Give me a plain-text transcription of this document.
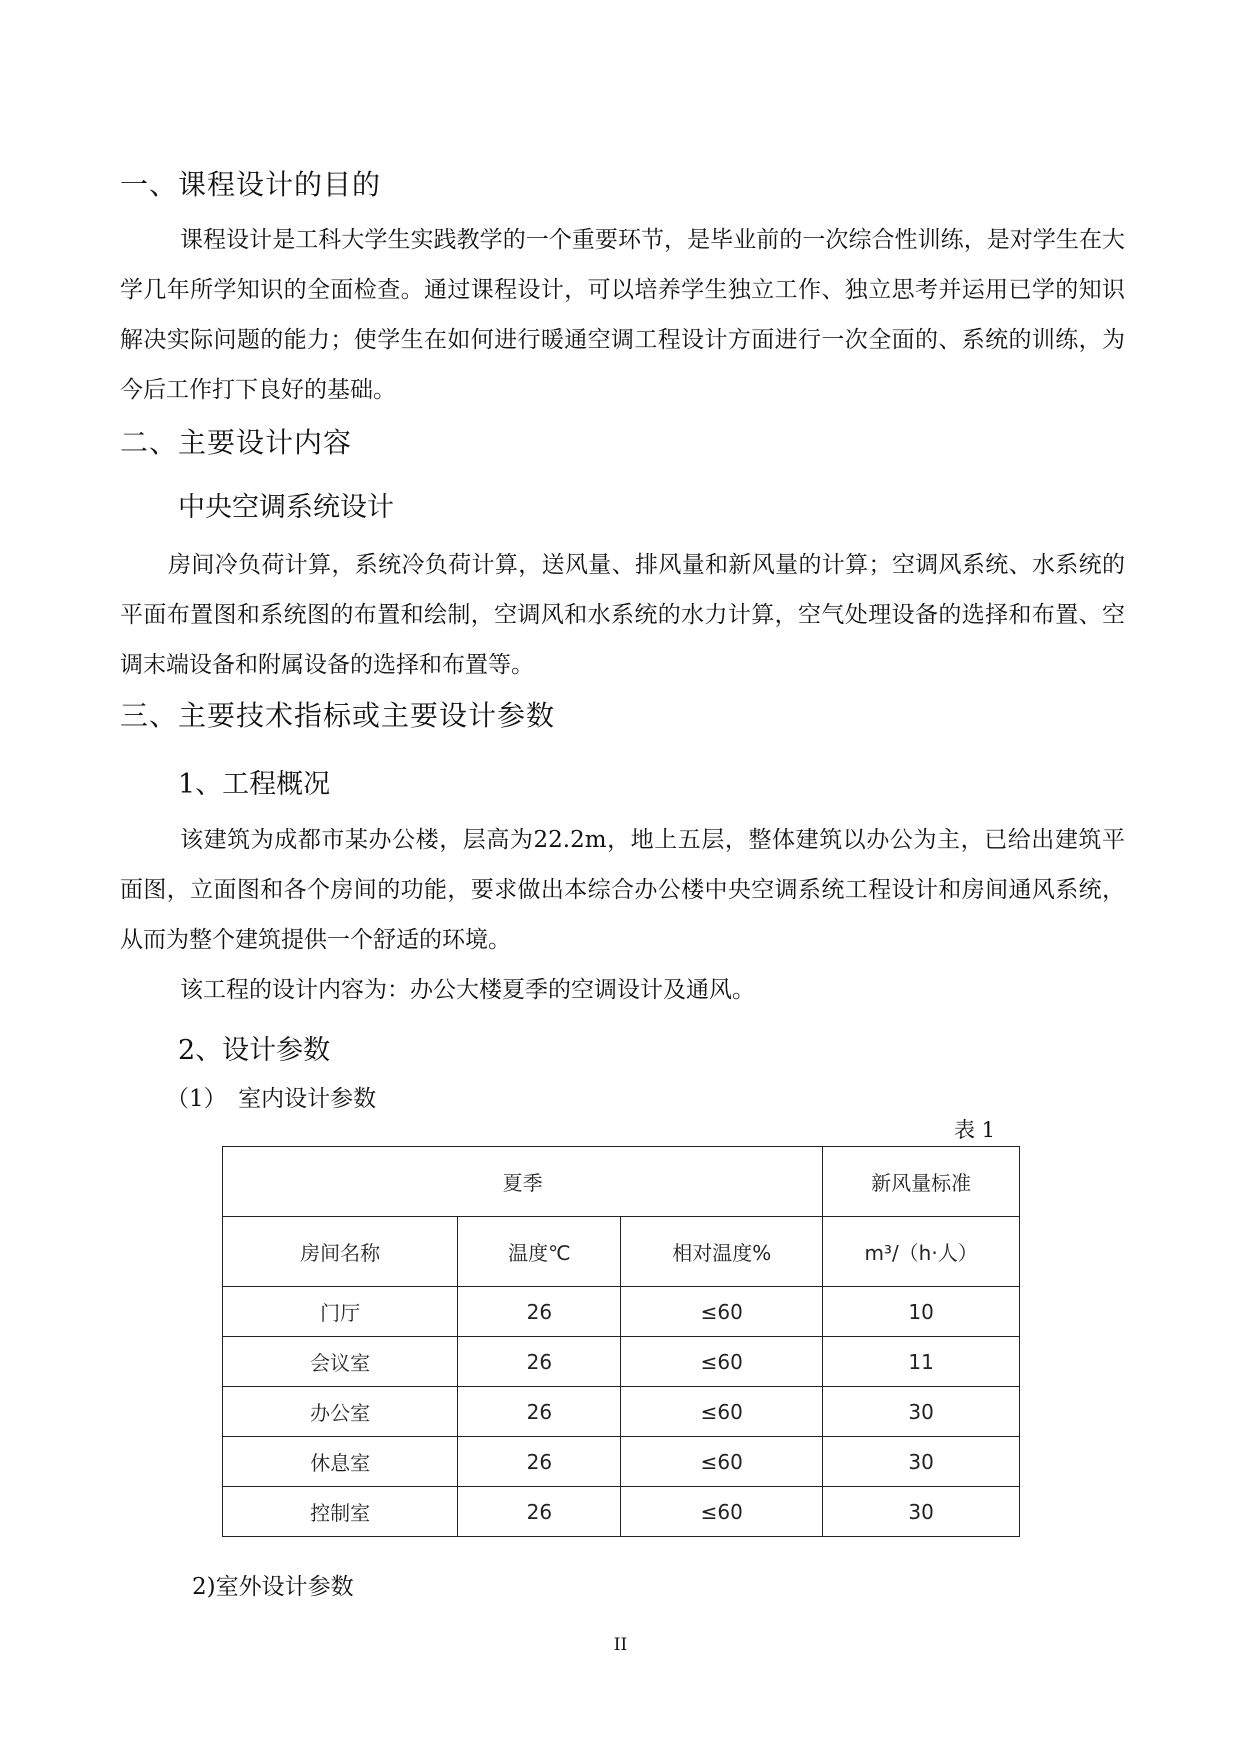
一、课程设计的目的
课程设计是工科大学生实践教学的一个重要环节，是毕业前的一次综合性训练，是对学生在大学几年所学知识的全面检查。通过课程设计，可以培养学生独立工作、独立思考并运用已学的知识解决实际问题的能力；使学生在如何进行暖通空调工程设计方面进行一次全面的、系统的训练，为今后工作打下良好的基础。
二、主要设计内容
中央空调系统设计
房间冷负荷计算，系统冷负荷计算，送风量、排风量和新风量的计算；空调风系统、水系统的平面布置图和系统图的布置和绘制，空调风和水系统的水力计算，空气处理设备的选择和布置、空调末端设备和附属设备的选择和布置等。
三、主要技术指标或主要设计参数
1、工程概况
该建筑为成都市某办公楼，层高为22.2m，地上五层，整体建筑以办公为主，已给出建筑平面图，立面图和各个房间的功能，要求做出本综合办公楼中央空调系统工程设计和房间通风系统，从而为整个建筑提供一个舒适的环境。
该工程的设计内容为：办公大楼夏季的空调设计及通风。
2、设计参数
（1）　室内设计参数
表 1
夏季			新风量标准
房间名称	温度℃	相对温度%	m³/（h·人）
门厅	26	≤60	10
会议室	26	≤60	11
办公室	26	≤60	30
休息室	26	≤60	30
控制室	26	≤60	30
2)室外设计参数
II
